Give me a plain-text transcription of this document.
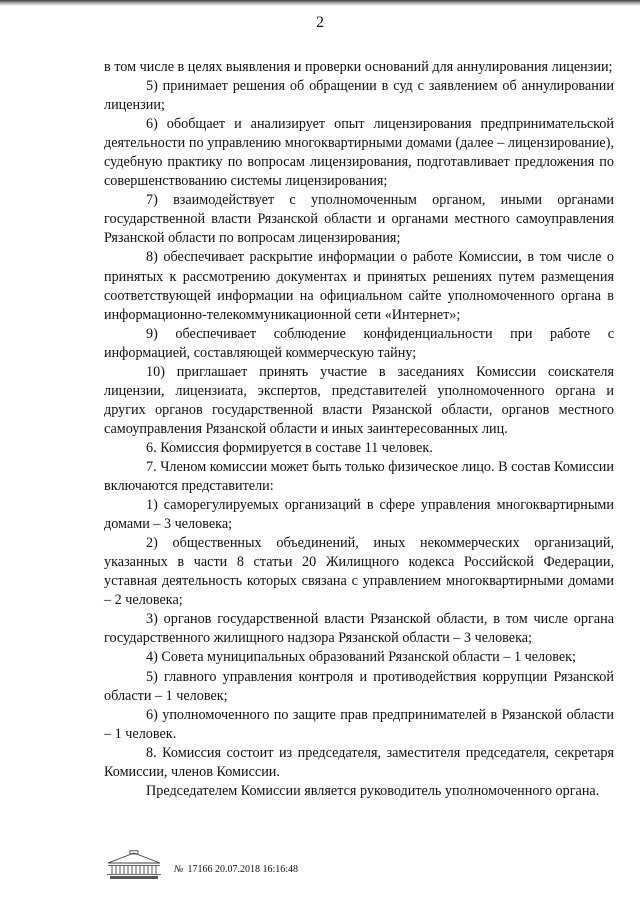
2

в том числе в целях выявления и проверки оснований для аннулирования лицензии;

5) принимает решения об обращении в суд с заявлением об аннулировании лицензии;

6) обобщает и анализирует опыт лицензирования предпринимательской деятельности по управлению многоквартирными домами (далее – лицензирование), судебную практику по вопросам лицензирования, подготавливает предложения по совершенствованию системы лицензирования;

7) взаимодействует с уполномоченным органом, иными органами государственной власти Рязанской области и органами местного самоуправления Рязанской области по вопросам лицензирования;

8) обеспечивает раскрытие информации о работе Комиссии, в том числе о принятых к рассмотрению документах и принятых решениях путем размещения соответствующей информации на официальном сайте уполномоченного органа в информационно-телекоммуникационной сети «Интернет»;

9) обеспечивает соблюдение конфиденциальности при работе с информацией, составляющей коммерческую тайну;

10) приглашает принять участие в заседаниях Комиссии соискателя лицензии, лицензиата, экспертов, представителей уполномоченного органа и других органов государственной власти Рязанской области, органов местного самоуправления Рязанской области и иных заинтересованных лиц.

6. Комиссия формируется в составе 11 человек.

7. Членом комиссии может быть только физическое лицо. В состав Комиссии включаются представители:

1) саморегулируемых организаций в сфере управления многоквартирными домами – 3 человека;

2) общественных объединений, иных некоммерческих организаций, указанных в части 8 статьи 20 Жилищного кодекса Российской Федерации, уставная деятельность которых связана с управлением многоквартирными домами – 2 человека;

3) органов государственной власти Рязанской области, в том числе органа государственного жилищного надзора Рязанской области – 3 человека;

4) Совета муниципальных образований Рязанской области – 1 человек;

5) главного управления контроля и противодействия коррупции Рязанской области – 1 человек;

6) уполномоченного по защите прав предпринимателей в Рязанской области – 1 человек.

8. Комиссия состоит из председателя, заместителя председателя, секретаря Комиссии, членов Комиссии.

Председателем Комиссии является руководитель уполномоченного органа.

№ 17166 20.07.2018 16:16:48
